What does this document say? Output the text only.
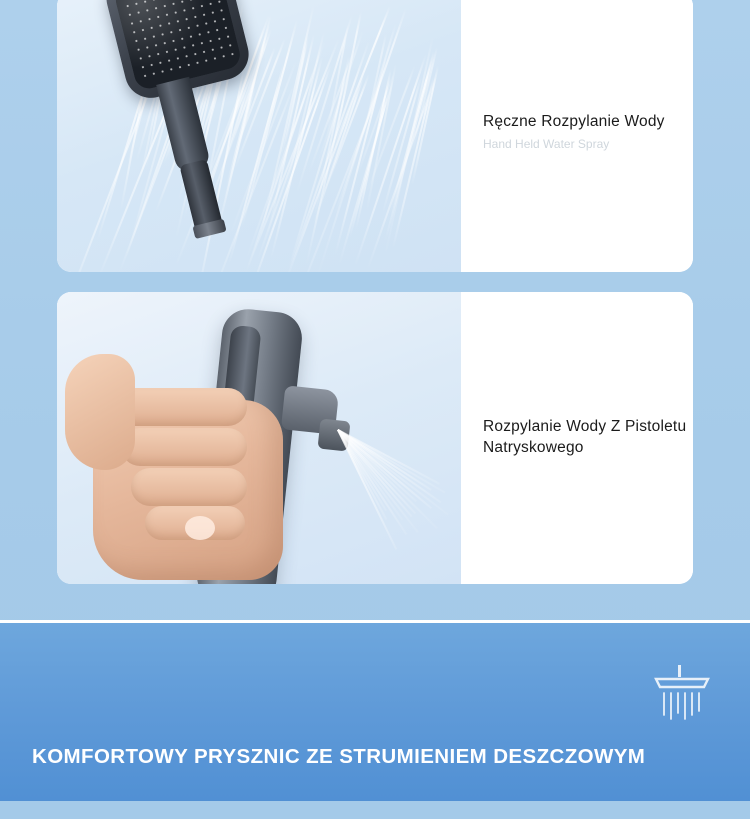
Ręczne Rozpylanie Wody
Hand Held Water Spray
Rozpylanie Wody Z Pistoletu Natryskowego
KOMFORTOWY PRYSZNIC ZE STRUMIENIEM DESZCZOWYM
